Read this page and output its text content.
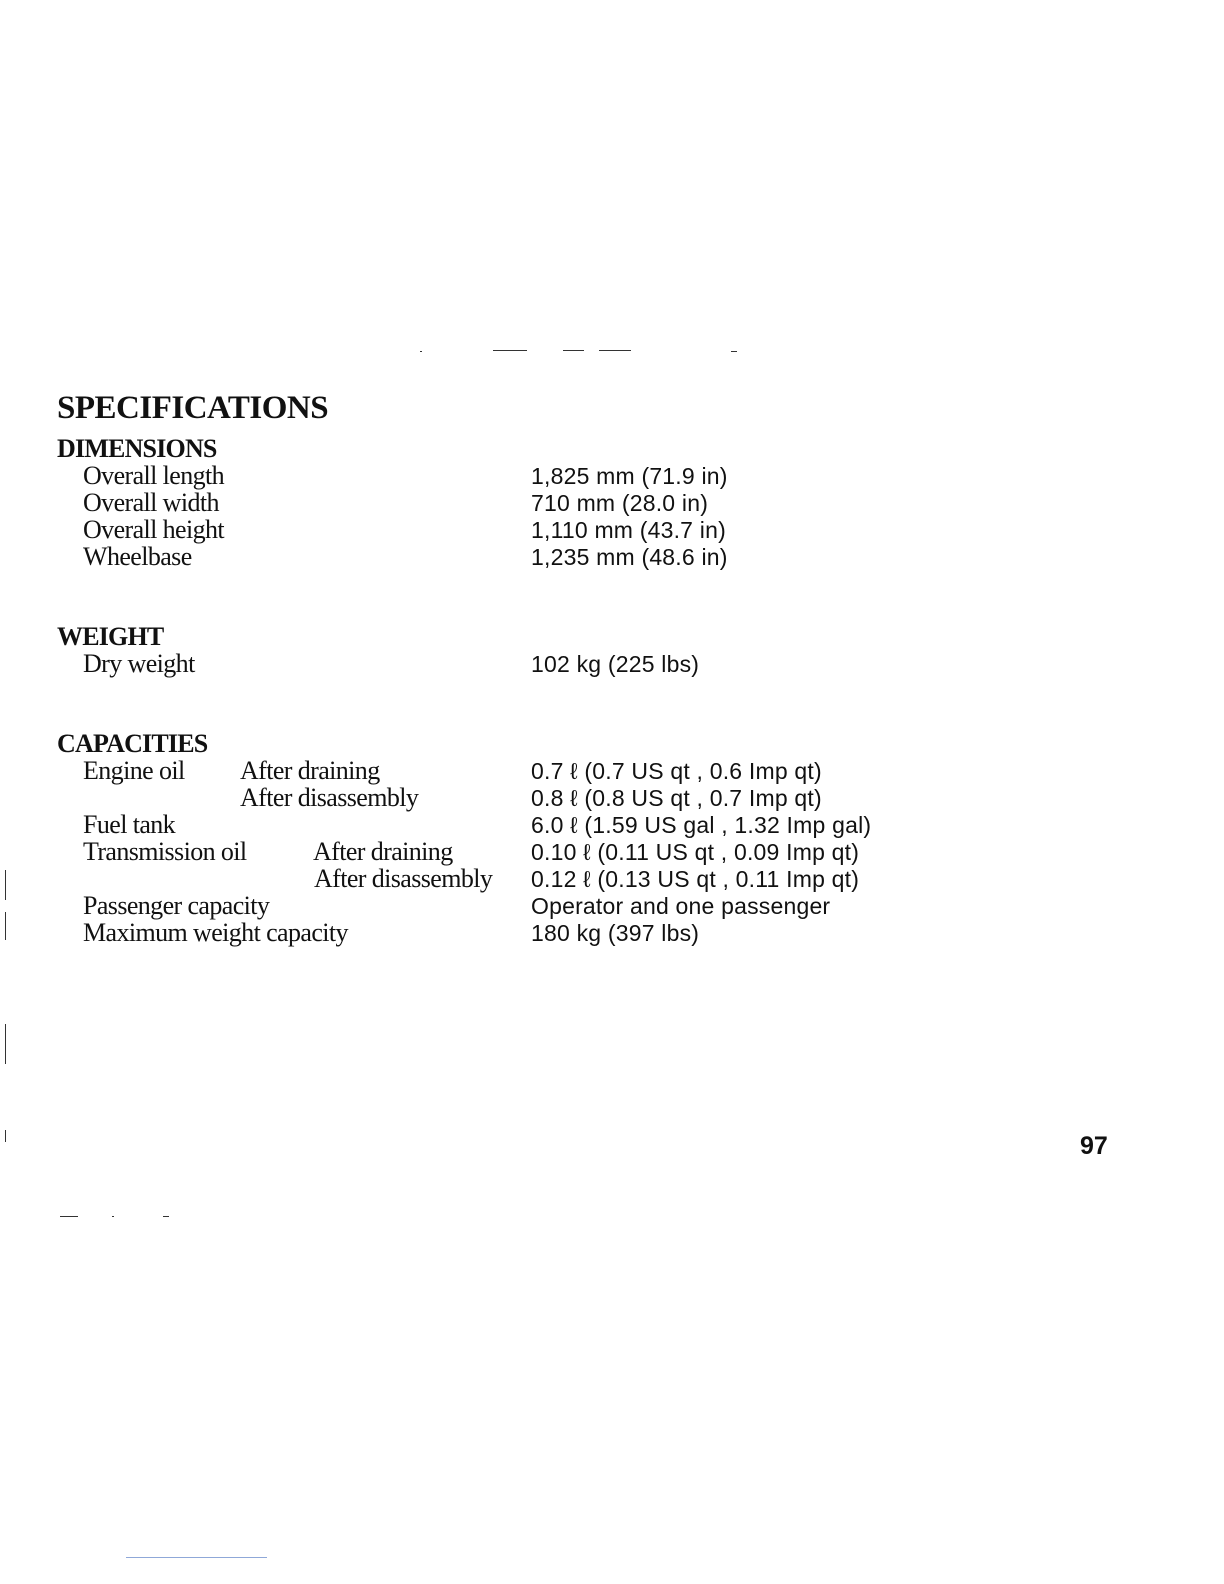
SPECIFICATIONS
DIMENSIONS
Overall length	1,825 mm (71.9 in)
Overall width	710 mm (28.0 in)
Overall height	1,110 mm (43.7 in)
Wheelbase	1,235 mm (48.6 in)
WEIGHT
Dry weight	102 kg (225 lbs)
CAPACITIES
Engine oil After draining	0.7 ℓ (0.7 US qt , 0.6 Imp qt)
After disassembly	0.8 ℓ (0.8 US qt , 0.7 Imp qt)
Fuel tank	6.0 ℓ (1.59 US gal , 1.32 Imp gal)
Transmission oil	After draining	0.10 ℓ (0.11 US qt , 0.09 Imp qt)
After disassembly 0.12 ℓ (0.13 US qt , 0.11 Imp qt)
Passenger capacity	Operator and one passenger
Maximum weight capacity	180 kg (397 lbs)
97
